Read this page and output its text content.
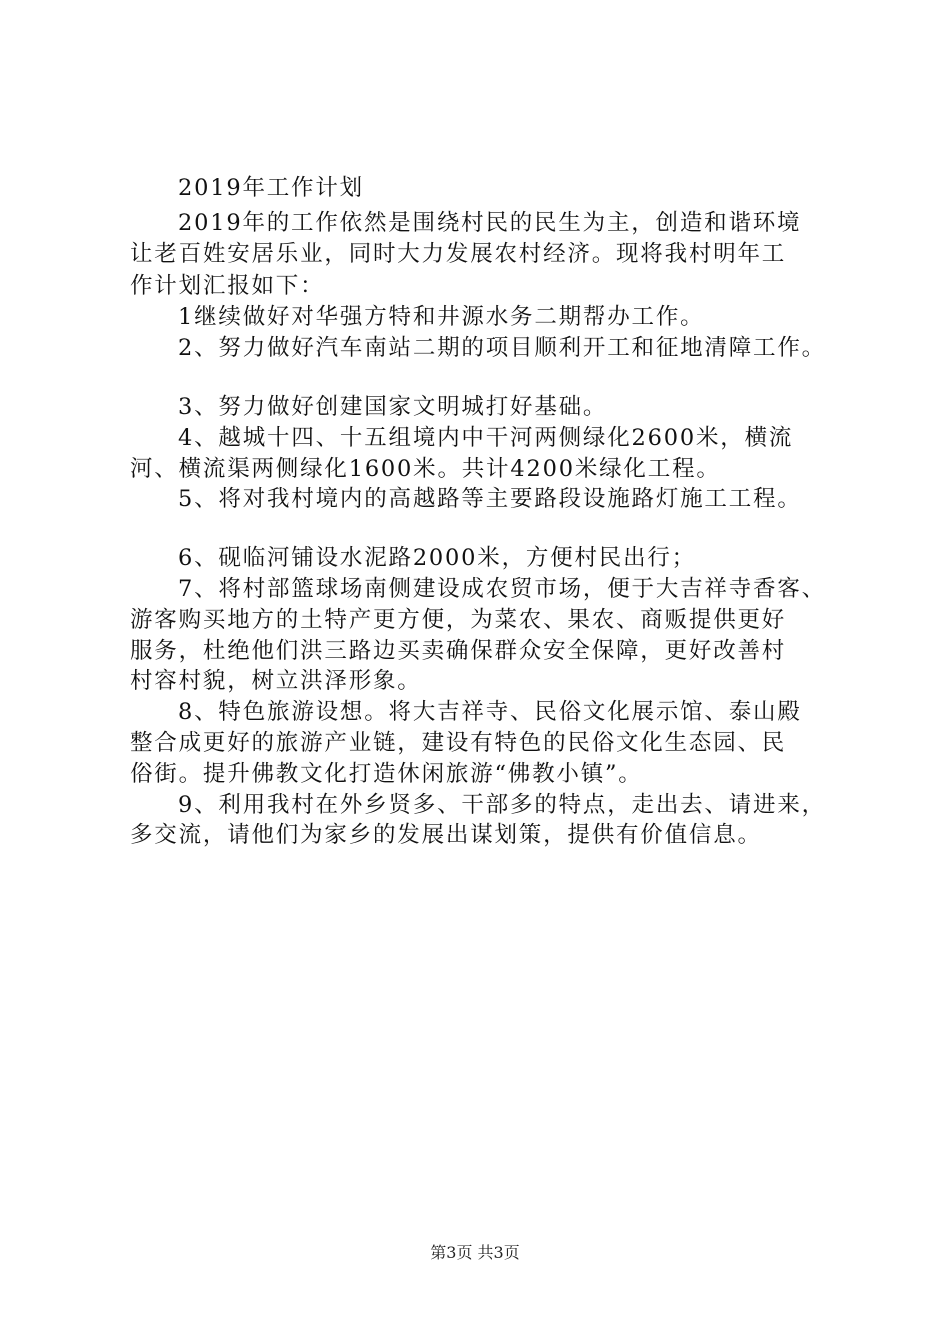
2019年工作计划
2019年的工作依然是围绕村民的民生为主，创造和谐环境
让老百姓安居乐业，同时大力发展农村经济。现将我村明年工
作计划汇报如下：
1继续做好对华强方特和井源水务二期帮办工作。
2、努力做好汽车南站二期的项目顺利开工和征地清障工作。
3、努力做好创建国家文明城打好基础。
4、越城十四、十五组境内中干河两侧绿化2600米，横流
河、横流渠两侧绿化1600米。共计4200米绿化工程。
5、将对我村境内的高越路等主要路段设施路灯施工工程。
6、砚临河铺设水泥路2000米，方便村民出行；
7、将村部篮球场南侧建设成农贸市场，便于大吉祥寺香客、
游客购买地方的土特产更方便，为菜农、果农、商贩提供更好
服务，杜绝他们洪三路边买卖确保群众安全保障，更好改善村
村容村貌，树立洪泽形象。
8、特色旅游设想。将大吉祥寺、民俗文化展示馆、泰山殿
整合成更好的旅游产业链，建设有特色的民俗文化生态园、民
俗街。提升佛教文化打造休闲旅游“佛教小镇”。
9、利用我村在外乡贤多、干部多的特点，走出去、请进来，
多交流，请他们为家乡的发展出谋划策，提供有价值信息。
第3页 共3页
